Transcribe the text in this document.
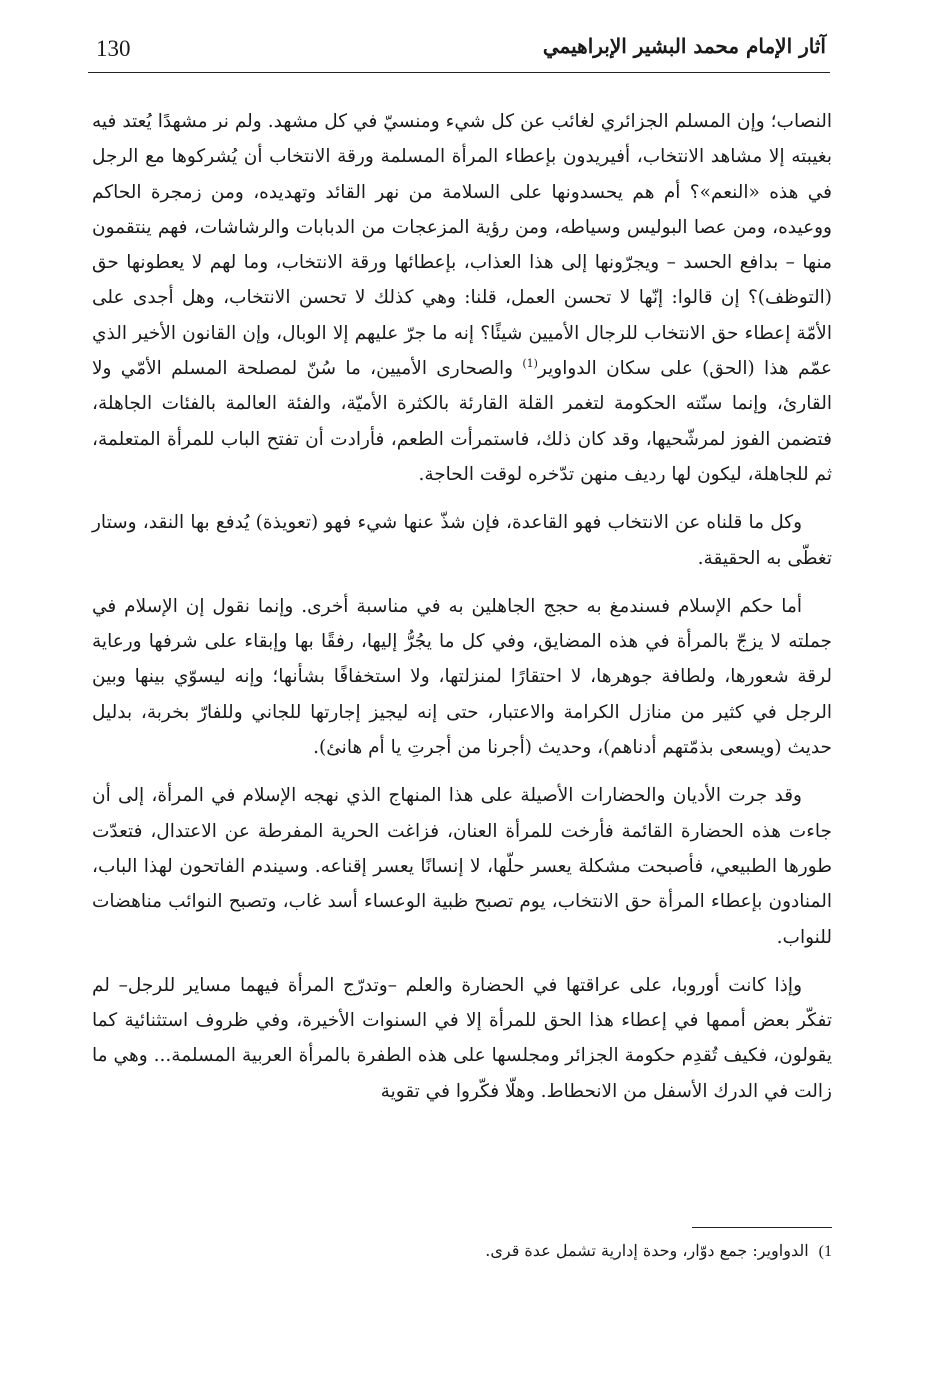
130	آثار الإمام محمد البشير الإبراهيمي

النصاب؛ وإن المسلم الجزائري لغائب عن كل شيء ومنسيّ في كل مشهد. ولم نر مشهدًا يُعتد فيه بغيبته إلا مشاهد الانتخاب، أفيريدون بإعطاء المرأة المسلمة ورقة الانتخاب أن يُشركوها مع الرجل في هذه «النعم»؟ أم هم يحسدونها على السلامة من نهر القائد وتهديده، ومن زمجرة الحاكم ووعيده، ومن عصا البوليس وسياطه، ومن رؤية المزعجات من الدبابات والرشاشات، فهم ينتقمون منها – بدافع الحسد – ويجرّونها إلى هذا العذاب، بإعطائها ورقة الانتخاب، وما لهم لا يعطونها حق (التوظف)؟ إن قالوا: إنّها لا تحسن العمل، قلنا: وهي كذلك لا تحسن الانتخاب، وهل أجدى على الأمّة إعطاء حق الانتخاب للرجال الأميين شيئًا؟ إنه ما جرّ عليهم إلا الوبال، وإن القانون الأخير الذي عمّم هذا (الحق) على سكان الدواوير$^{(1)}$ والصحارى الأميين، ما سُنّ لمصلحة المسلم الأمّي ولا القارئ، وإنما سنّته الحكومة لتغمر القلة القارئة بالكثرة الأميّة، والفئة العالمة بالفئات الجاهلة، فتضمن الفوز لمرشّحيها، وقد كان ذلك، فاستمرأت الطعم، فأرادت أن تفتح الباب للمرأة المتعلمة، ثم للجاهلة، ليكون لها رديف منهن تدّخره لوقت الحاجة.

وكل ما قلناه عن الانتخاب فهو القاعدة، فإن شذّ عنها شيء فهو (تعويذة) يُدفع بها النقد، وستار تغطّى به الحقيقة.

أما حكم الإسلام فسندمغ به حجج الجاهلين به في مناسبة أخرى. وإنما نقول إن الإسلام في جملته لا يزجّ بالمرأة في هذه المضايق، وفي كل ما يجُرُّ إليها، رفقًا بها وإبقاء على شرفها ورعاية لرقة شعورها، ولطافة جوهرها، لا احتقارًا لمنزلتها، ولا استخفافًا بشأنها؛ وإنه ليسوّي بينها وبين الرجل في كثير من منازل الكرامة والاعتبار، حتى إنه ليجيز إجارتها للجاني وللفارّ بخربة، بدليل حديث (ويسعى بذمّتهم أدناهم)، وحديث (أجرنا من أجرتِ يا أم هانئ).

وقد جرت الأديان والحضارات الأصيلة على هذا المنهاج الذي نهجه الإسلام في المرأة، إلى أن جاءت هذه الحضارة القائمة فأرخت للمرأة العنان، فزاغت الحرية المفرطة عن الاعتدال، فتعدّت طورها الطبيعي، فأصبحت مشكلة يعسر حلّها، لا إنسانًا يعسر إقناعه. وسيندم الفاتحون لهذا الباب، المنادون بإعطاء المرأة حق الانتخاب، يوم تصبح ظبية الوعساء أسد غاب، وتصبح النوائب مناهضات للنواب.

وإذا كانت أوروبا، على عراقتها في الحضارة والعلم –وتدرّج المرأة فيهما مساير للرجل– لم تفكّر بعض أممها في إعطاء هذا الحق للمرأة إلا في السنوات الأخيرة، وفي ظروف استثنائية كما يقولون، فكيف تُقدِم حكومة الجزائر ومجلسها على هذه الطفرة بالمرأة العربية المسلمة... وهي ما زالت في الدرك الأسفل من الانحطاط. وهلّا فكّروا في تقوية

1)الدواوير: جمع دوّار، وحدة إدارية تشمل عدة قرى.
